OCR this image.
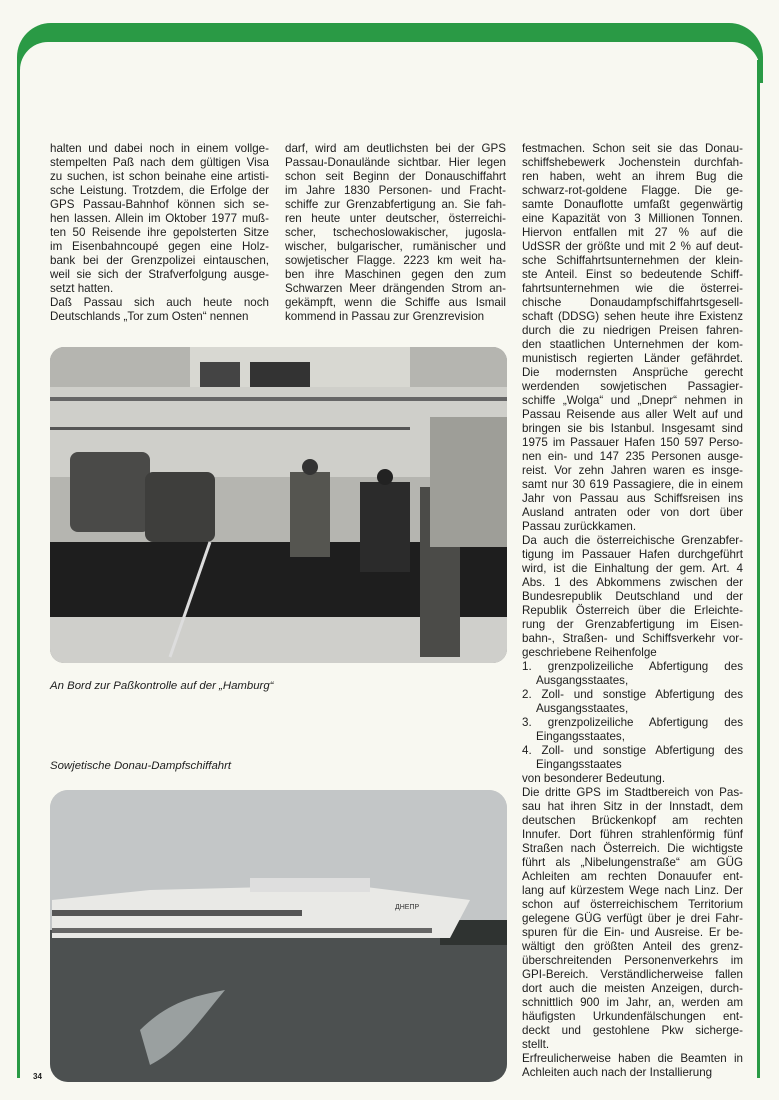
halten und dabei noch in einem vollge-
stempelten Paß nach dem gültigen Visa
zu suchen, ist schon beinahe eine artisti-
sche Leistung. Trotzdem, die Erfolge der
GPS Passau-Bahnhof können sich se-
hen lassen. Allein im Oktober 1977 muß-
ten 50 Reisende ihre gepolsterten Sitze
im Eisenbahncoupé gegen eine Holz-
bank bei der Grenzpolizei eintauschen,
weil sie sich der Strafverfolgung ausge-
setzt hatten.
Daß Passau sich auch heute noch
Deutschlands „Tor zum Osten“ nennen
darf, wird am deutlichsten bei der GPS
Passau-Donaulände sichtbar. Hier legen
schon seit Beginn der Donauschiffahrt
im Jahre 1830 Personen- und Fracht-
schiffe zur Grenzabfertigung an. Sie fah-
ren heute unter deutscher, österreichi-
scher, tschechoslowakischer, jugosla-
wischer, bulgarischer, rumänischer und
sowjetischer Flagge. 2223 km weit ha-
ben ihre Maschinen gegen den zum
Schwarzen Meer drängenden Strom an-
gekämpft, wenn die Schiffe aus Ismail
kommend in Passau zur Grenzrevision
festmachen. Schon seit sie das Donau-
schiffshebewerk Jochenstein durchfah-
ren haben, weht an ihrem Bug die
schwarz-rot-goldene Flagge. Die ge-
samte Donauflotte umfaßt gegenwärtig
eine Kapazität von 3 Millionen Tonnen.
Hiervon entfallen mit 27 % auf die
UdSSR der größte und mit 2 % auf deut-
sche Schiffahrtsunternehmen der klein-
ste Anteil. Einst so bedeutende Schiff-
fahrtsunternehmen wie die österrei-
chische Donaudampfschiffahrtsgesell-
schaft (DDSG) sehen heute ihre Existenz
durch die zu niedrigen Preisen fahren-
den staatlichen Unternehmen der kom-
munistisch regierten Länder gefährdet.
Die modernsten Ansprüche gerecht
werdenden sowjetischen Passagier-
schiffe „Wolga“ und „Dnepr“ nehmen in
Passau Reisende aus aller Welt auf und
bringen sie bis Istanbul. Insgesamt sind
1975 im Passauer Hafen 150 597 Perso-
nen ein- und 147 235 Personen ausge-
reist. Vor zehn Jahren waren es insge-
samt nur 30 619 Passagiere, die in einem
Jahr von Passau aus Schiffsreisen ins
Ausland antraten oder von dort über
Passau zurückkamen.
Da auch die österreichische Grenzabfer-
tigung im Passauer Hafen durchgeführt
wird, ist die Einhaltung der gem. Art. 4
Abs. 1 des Abkommens zwischen der
Bundesrepublik Deutschland und der
Republik Österreich über die Erleichte-
rung der Grenzabfertigung im Eisen-
bahn-, Straßen- und Schiffsverkehr vor-
geschriebene Reihenfolge
1. grenzpolizeiliche Abfertigung des
Ausgangsstaates,
2. Zoll- und sonstige Abfertigung des
Ausgangsstaates,
3. grenzpolizeiliche Abfertigung des
Eingangsstaates,
4. Zoll- und sonstige Abfertigung des
Eingangsstaates
von besonderer Bedeutung.
Die dritte GPS im Stadtbereich von Pas-
sau hat ihren Sitz in der Innstadt, dem
deutschen Brückenkopf am rechten
Innufer. Dort führen strahlenförmig fünf
Straßen nach Österreich. Die wichtigste
führt als „Nibelungenstraße“ am GÜG
Achleiten am rechten Donauufer ent-
lang auf kürzestem Wege nach Linz. Der
schon auf österreichischem Territorium
gelegene GÜG verfügt über je drei Fahr-
spuren für die Ein- und Ausreise. Er be-
wältigt den größten Anteil des grenz-
überschreitenden Personenverkehrs im
GPI-Bereich. Verständlicherweise fallen
dort auch die meisten Anzeigen, durch-
schnittlich 900 im Jahr, an, werden am
häufigsten Urkundenfälschungen ent-
deckt und gestohlene Pkw sicherge-
stellt.
Erfreulicherweise haben die Beamten in
Achleiten auch nach der Installierung
An Bord zur Paßkontrolle auf der „Hamburg“
Sowjetische Donau-Dampfschiffahrt
ДНЕПР
34
